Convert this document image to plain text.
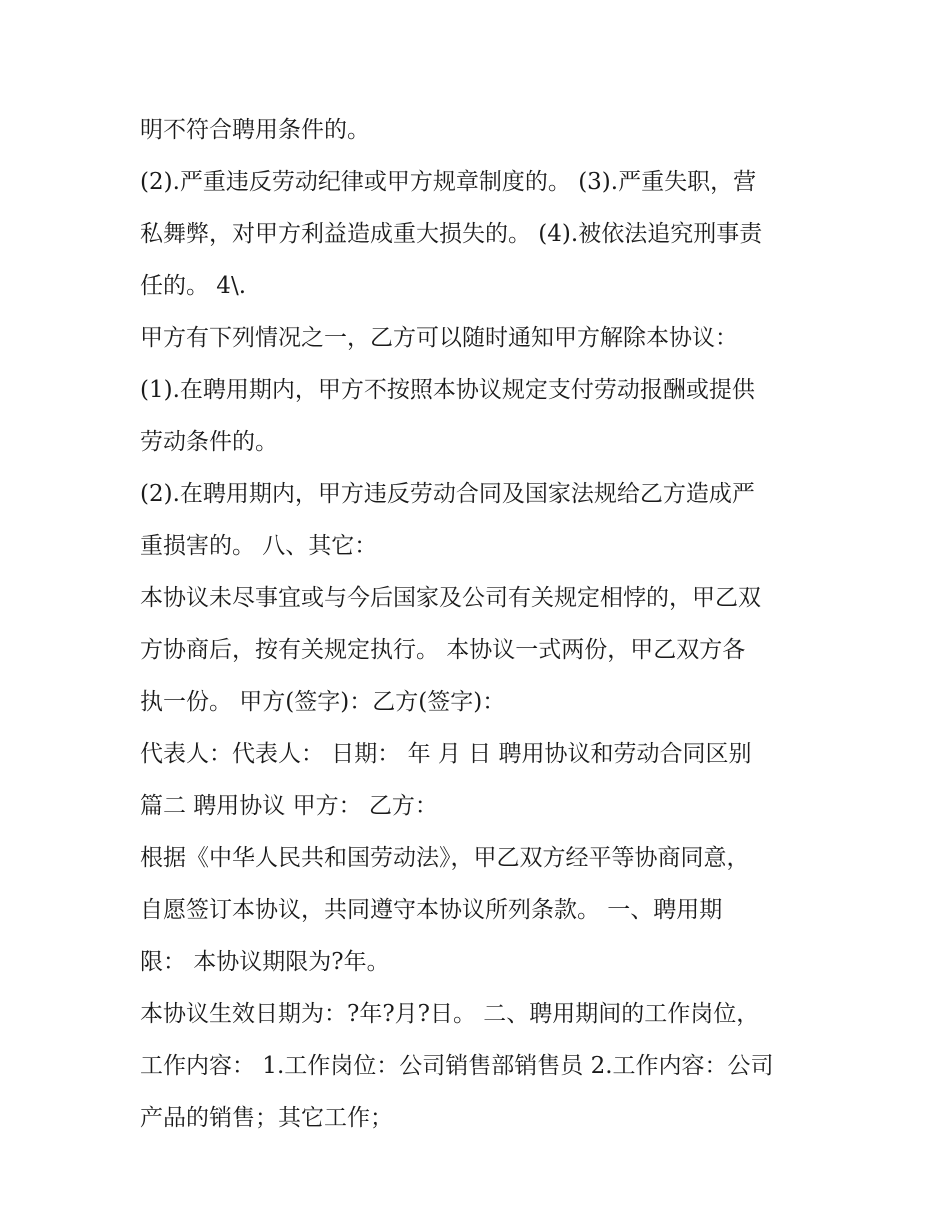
明不符合聘用条件的。
(2).严重违反劳动纪律或甲方规章制度的。 (3).严重失职，营
私舞弊，对甲方利益造成重大损失的。 (4).被依法追究刑事责
任的。 4\.
甲方有下列情况之一，乙方可以随时通知甲方解除本协议：
(1).在聘用期内，甲方不按照本协议规定支付劳动报酬或提供
劳动条件的。
(2).在聘用期内，甲方违反劳动合同及国家法规给乙方造成严
重损害的。 八、其它：
本协议未尽事宜或与今后国家及公司有关规定相悖的，甲乙双
方协商后，按有关规定执行。 本协议一式两份，甲乙双方各
执一份。 甲方(签字)：乙方(签字)：
代表人：代表人： 日期： 年 月 日 聘用协议和劳动合同区别
篇二 聘用协议 甲方： 乙方：
根据《中华人民共和国劳动法》，甲乙双方经平等协商同意，
自愿签订本协议，共同遵守本协议所列条款。 一、聘用期
限： 本协议期限为?年。
本协议生效日期为：?年?月?日。 二、聘用期间的工作岗位，
工作内容： 1.工作岗位：公司销售部销售员 2.工作内容：公司
产品的销售；其它工作；
